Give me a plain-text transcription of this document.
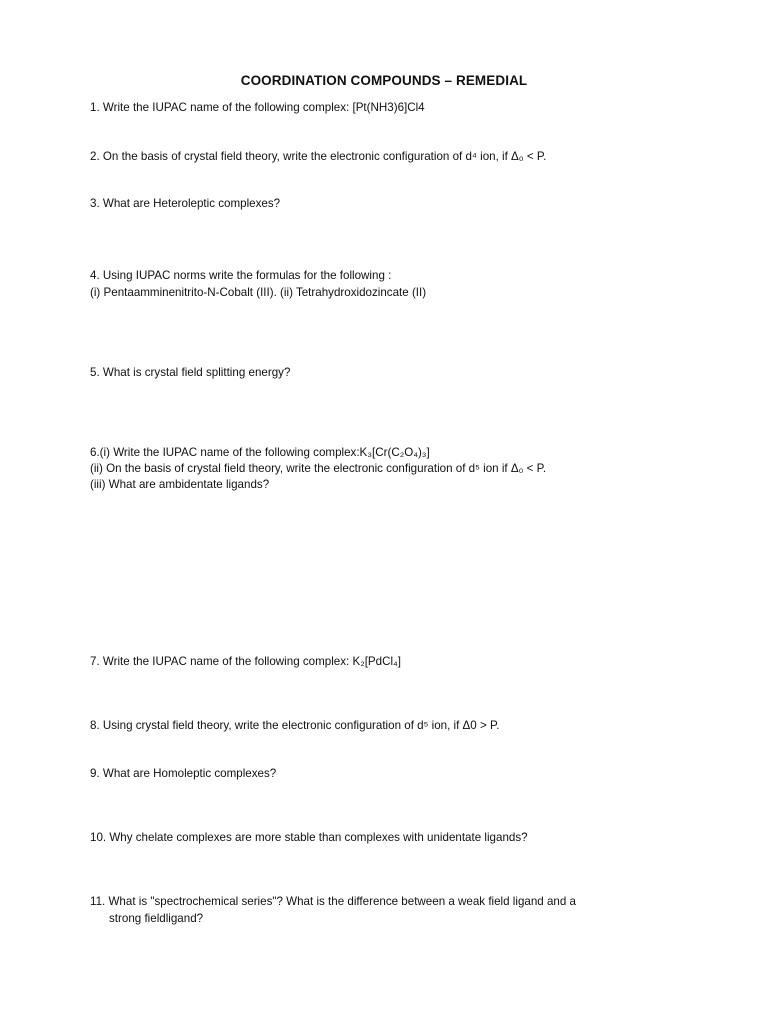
COORDINATION COMPOUNDS – REMEDIAL
1. Write the IUPAC name of the following complex: [Pt(NH3)6]Cl4
2. On the basis of crystal field theory, write the electronic configuration of d⁴ ion, if Δ₀ < P.
3. What are Heteroleptic complexes?
4. Using IUPAC norms write the formulas for the following :
(i) Pentaamminenitrito-N-Cobalt (III). (ii) Tetrahydroxidozincate (II)
5. What is crystal field splitting energy?
6.(i) Write the IUPAC name of the following complex:K₃[Cr(C₂O₄)₃]
(ii) On the basis of crystal field theory, write the electronic configuration of d⁵ ion if Δ₀ < P.
(iii) What are ambidentate ligands?
7. Write the IUPAC name of the following complex: K₂[PdCl₄]
8. Using crystal field theory, write the electronic configuration of d⁵ ion, if Δ0 > P.
9. What are Homoleptic complexes?
10. Why chelate complexes are more stable than complexes with unidentate ligands?
11. What is "spectrochemical series"? What is the difference between a weak field ligand and a
strong fieldligand?
